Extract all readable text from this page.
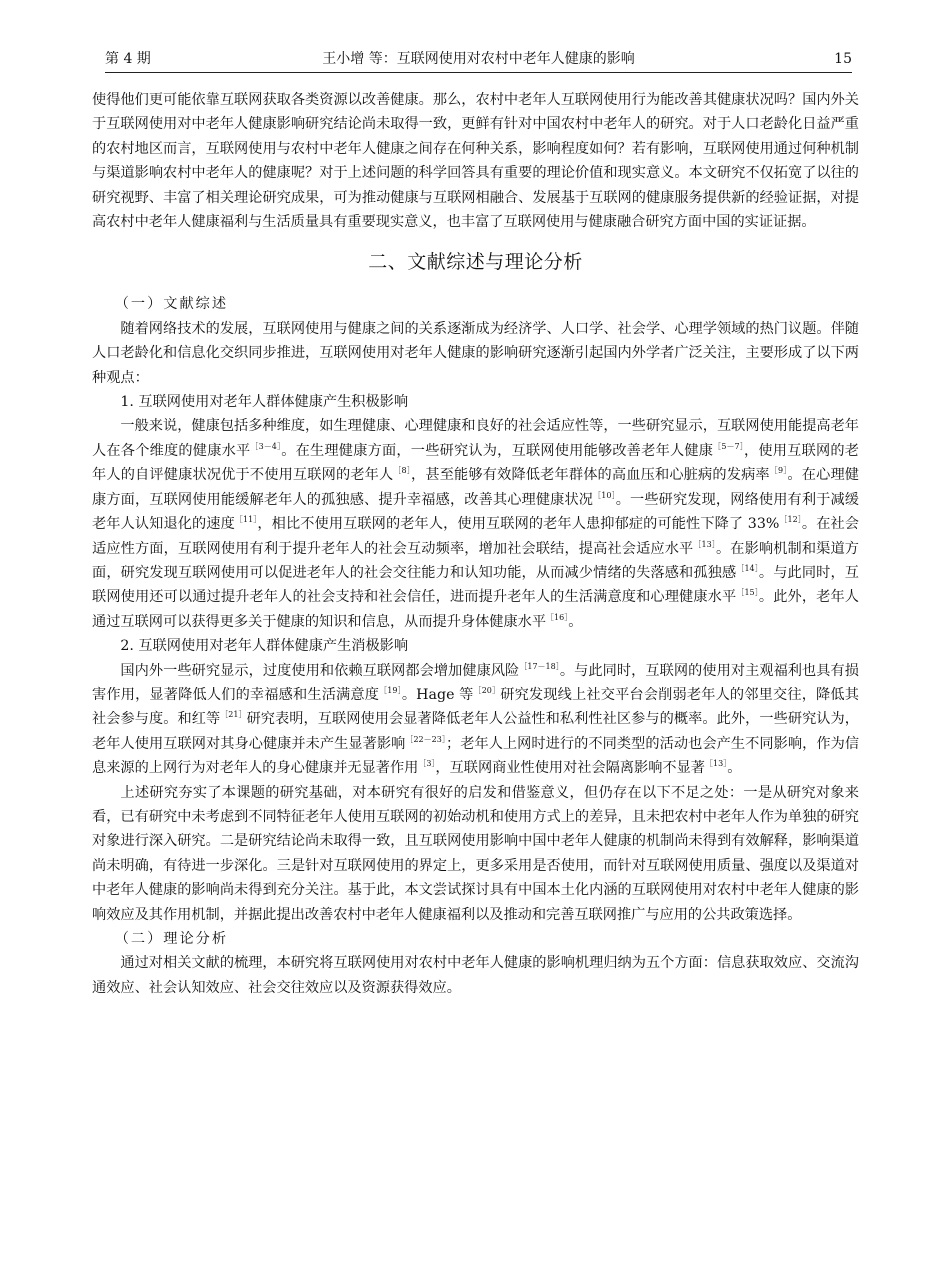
第 4 期	王小增 等：互联网使用对农村中老年人健康的影响	15

使得他们更可能依靠互联网获取各类资源以改善健康。那么，农村中老年人互联网使用行为能改善其健康状况吗？国内外关于互联网使用对中老年人健康影响研究结论尚未取得一致，更鲜有针对中国农村中老年人的研究。对于人口老龄化日益严重的农村地区而言，互联网使用与农村中老年人健康之间存在何种关系，影响程度如何？若有影响，互联网使用通过何种机制与渠道影响农村中老年人的健康呢？对于上述问题的科学回答具有重要的理论价值和现实意义。本文研究不仅拓宽了以往的研究视野、丰富了相关理论研究成果，可为推动健康与互联网相融合、发展基于互联网的健康服务提供新的经验证据，对提高农村中老年人健康福利与生活质量具有重要现实意义，也丰富了互联网使用与健康融合研究方面中国的实证证据。

二、文献综述与理论分析

（一）文献综述

随着网络技术的发展，互联网使用与健康之间的关系逐渐成为经济学、人口学、社会学、心理学领域的热门议题。伴随人口老龄化和信息化交织同步推进，互联网使用对老年人健康的影响研究逐渐引起国内外学者广泛关注，主要形成了以下两种观点：

1. 互联网使用对老年人群体健康产生积极影响

一般来说，健康包括多种维度，如生理健康、心理健康和良好的社会适应性等，一些研究显示，互联网使用能提高老年人在各个维度的健康水平$^{[3-4]}$。在生理健康方面，一些研究认为，互联网使用能够改善老年人健康$^{[5-7]}$，使用互联网的老年人的自评健康状况优于不使用互联网的老年人$^{[8]}$，甚至能够有效降低老年群体的高血压和心脏病的发病率$^{[9]}$。在心理健康方面，互联网使用能缓解老年人的孤独感、提升幸福感，改善其心理健康状况$^{[10]}$。一些研究发现，网络使用有利于减缓老年人认知退化的速度$^{[11]}$，相比不使用互联网的老年人，使用互联网的老年人患抑郁症的可能性下降了 33%$^{[12]}$。在社会适应性方面，互联网使用有利于提升老年人的社会互动频率，增加社会联结，提高社会适应水平$^{[13]}$。在影响机制和渠道方面，研究发现互联网使用可以促进老年人的社会交往能力和认知功能，从而减少情绪的失落感和孤独感$^{[14]}$。与此同时，互联网使用还可以通过提升老年人的社会支持和社会信任，进而提升老年人的生活满意度和心理健康水平$^{[15]}$。此外，老年人通过互联网可以获得更多关于健康的知识和信息，从而提升身体健康水平$^{[16]}$。

2. 互联网使用对老年人群体健康产生消极影响

国内外一些研究显示，过度使用和依赖互联网都会增加健康风险$^{[17-18]}$。与此同时，互联网的使用对主观福利也具有损害作用，显著降低人们的幸福感和生活满意度$^{[19]}$。Hage 等$^{[20]}$研究发现线上社交平台会削弱老年人的邻里交往，降低其社会参与度。和红等$^{[21]}$研究表明，互联网使用会显著降低老年人公益性和私利性社区参与的概率。此外，一些研究认为，老年人使用互联网对其身心健康并未产生显著影响$^{[22-23]}$；老年人上网时进行的不同类型的活动也会产生不同影响，作为信息来源的上网行为对老年人的身心健康并无显著作用$^{[3]}$，互联网商业性使用对社会隔离影响不显著$^{[13]}$。

上述研究夯实了本课题的研究基础，对本研究有很好的启发和借鉴意义，但仍存在以下不足之处：一是从研究对象来看，已有研究中未考虑到不同特征老年人使用互联网的初始动机和使用方式上的差异，且未把农村中老年人作为单独的研究对象进行深入研究。二是研究结论尚未取得一致，且互联网使用影响中国中老年人健康的机制尚未得到有效解释，影响渠道尚未明确，有待进一步深化。三是针对互联网使用的界定上，更多采用是否使用，而针对互联网使用质量、强度以及渠道对中老年人健康的影响尚未得到充分关注。基于此，本文尝试探讨具有中国本土化内涵的互联网使用对农村中老年人健康的影响效应及其作用机制，并据此提出改善农村中老年人健康福利以及推动和完善互联网推广与应用的公共政策选择。

（二）理论分析

通过对相关文献的梳理，本研究将互联网使用对农村中老年人健康的影响机理归纳为五个方面：信息获取效应、交流沟通效应、社会认知效应、社会交往效应以及资源获得效应。
